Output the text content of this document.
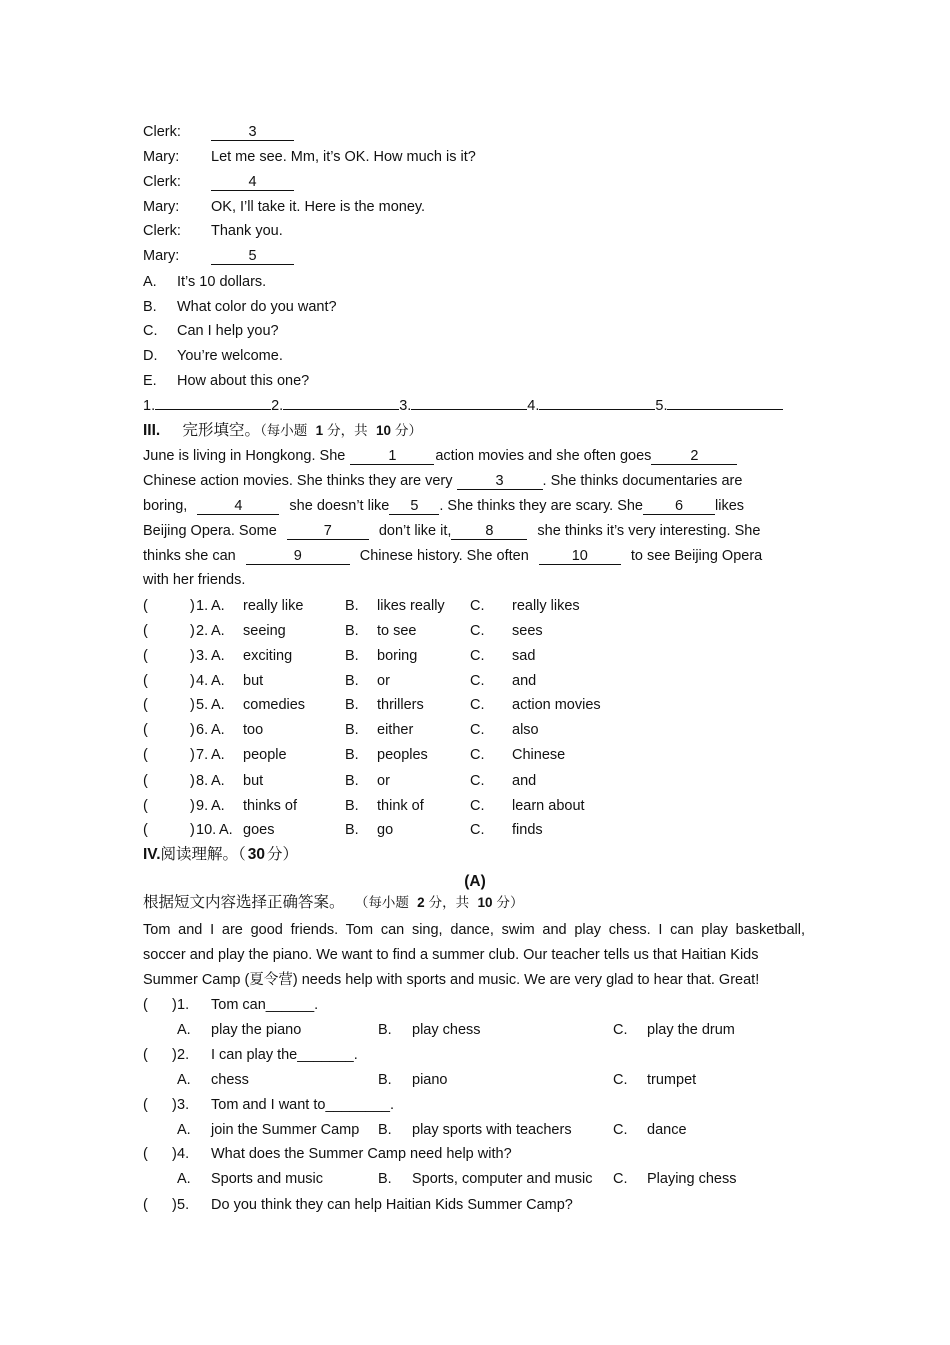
Clerk:	3
Mary: Let me see. Mm, it’s OK. How much is it?
Clerk:	4
Mary: OK, I’ll take it. Here is the money.
Clerk: Thank you.
Mary:	5
A. It’s 10 dollars.
B. What color do you want?
C. Can I help you?
D. You’re welcome.
E. How about this one?
1.	2.	3.	4.	5.
III. 完形填空。（每小题 1 分，共 10 分）
June is living in Hongkong. She	1	action movies and she often goes	2
Chinese action movies. She thinks they are very	3	. She thinks documentaries are
boring,	4	she doesn’t like 5 . She thinks they are scary. She 6 likes
Beijing Opera. Some	7	don’t like it, 8	she thinks it’s very interesting. She
thinks she can	9	Chinese history. She often	10	to see Beijing Opera
with her friends.
(	) 1. A. really like	B. likes really C. really likes
(	) 2. A. seeing	B. to see	C. sees
(	) 3. A. exciting	B. boring	C. sad
(	) 4. A. but	B. or	C. and
(	) 5. A. comedies	B. thrillers	C. action movies
(	) 6. A. too	B. either	C. also
(	) 7. A. people	B. peoples	C. Chinese
(	) 8. A. but	B. or	C. and
(	) 9. A. thinks of	B. think of	C. learn about
(	) 10. A. goes	B. go	C. finds
IV.阅读理解。（ 30 分）
(A)
根据短文内容选择正确答案。 （每小题 2 分，共 10 分）
Tom and I are good friends. Tom can sing, dance, swim and play chess. I can play basketball,
soccer and play the piano. We want to find a summer club. Our teacher tells us that Haitian Kids
Summer Camp (夏令营) needs help with sports and music. We are very glad to hear that. Great!
( ) 1. Tom can______.
A. play the piano	B. play chess	C. play the drum
( ) 2. I can play the_______.
A. chess	B. piano	C. trumpet
( ) 3. Tom and I want to________.
A. join the Summer Camp B. play sports with teachers	C. dance
( ) 4. What does the Summer Camp need help with?
A. Sports and music	B. Sports, computer and music C. Playing chess
( ) 5. Do you think they can help Haitian Kids Summer Camp?
